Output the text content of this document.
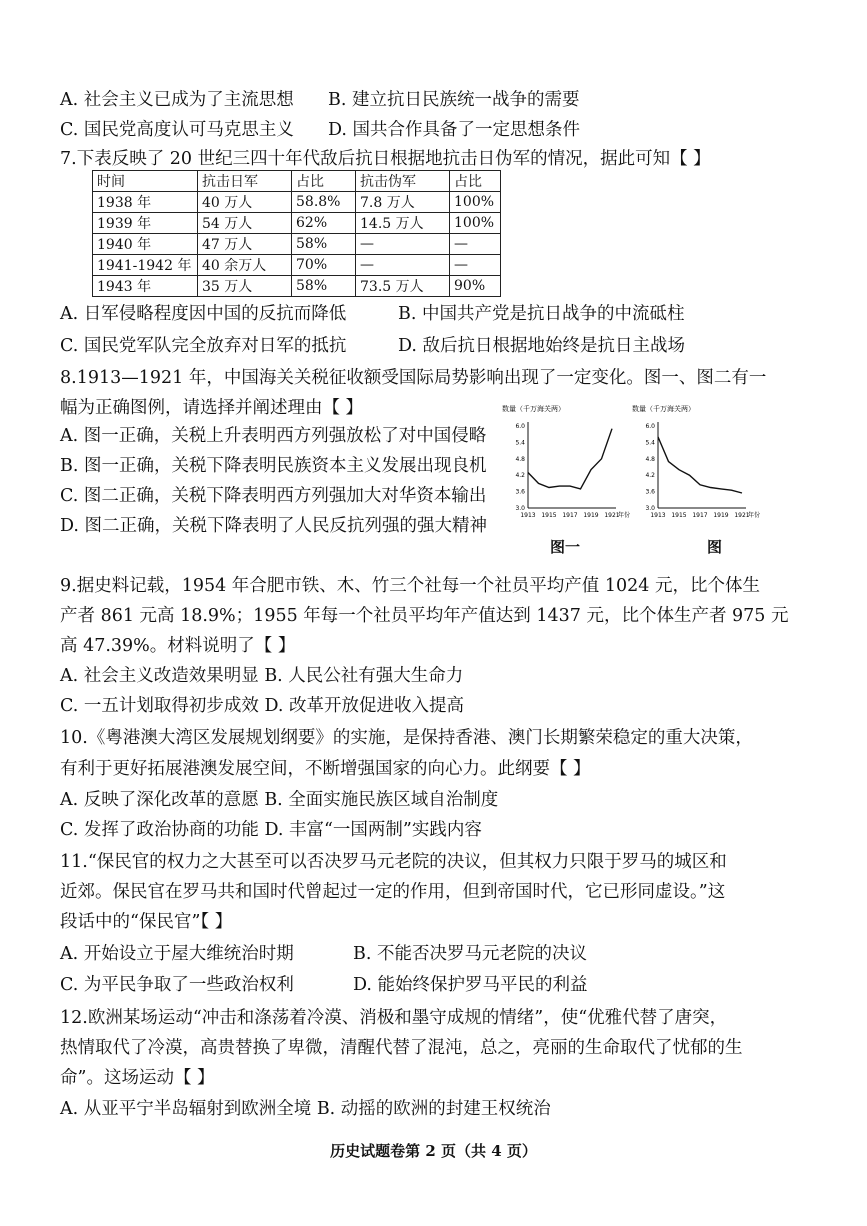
A. 社会主义已成为了主流思想 B. 建立抗日民族统一战争的需要
C. 国民党高度认可马克思主义 D. 国共合作具备了一定思想条件
7.下表反映了 20 世纪三四十年代敌后抗日根据地抗击日伪军的情况，据此可知【 】
时间	抗击日军	占比	抗击伪军	占比
1938 年	40 万人	58.8%	7.8 万人	100%
1939 年	54 万人	62%	14.5 万人	100%
1940 年	47 万人	58%	—	—
1941-1942 年	40 余万人	70%	—	—
1943 年	35 万人	58%	73.5 万人	90%
A. 日军侵略程度因中国的反抗而降低	B. 中国共产党是抗日战争的中流砥柱
C. 国民党军队完全放弃对日军的抵抗	D. 敌后抗日根据地始终是抗日主战场
8.1913—1921 年，中国海关关税征收额受国际局势影响出现了一定变化。图一、图二有一
幅为正确图例，请选择并阐述理由【 】
A. 图一正确，关税上升表明西方列强放松了对中国侵略
B. 图一正确，关税下降表明民族资本主义发展出现良机
C. 图二正确，关税下降表明西方列强加大对华资本输出
D. 图二正确，关税下降表明了人民反抗列强的强大精神
数量（千万海关两）
6.0
5.4
4.8
4.2
3.6
3.0
1913 1915 1917 1919 1921
年份
数量（千万海关两）
6.0
5.4
4.8
4.2
3.6
3.0
1913 1915 1917 1919 1921
年份
图一	图
9.据史料记载，1954 年合肥市铁、木、竹三个社每一个社员平均产值 1024 元，比个体生
产者 861 元高 18.9%；1955 年每一个社员平均年产值达到 1437 元，比个体生产者 975 元
高 47.39%。材料说明了【 】
A. 社会主义改造效果明显 B. 人民公社有强大生命力
C. 一五计划取得初步成效 D. 改革开放促进收入提高
10.《粤港澳大湾区发展规划纲要》的实施，是保持香港、澳门长期繁荣稳定的重大决策，
有利于更好拓展港澳发展空间，不断增强国家的向心力。此纲要【 】
A. 反映了深化改革的意愿 B. 全面实施民族区域自治制度
C. 发挥了政治协商的功能 D. 丰富“一国两制”实践内容
11.“保民官的权力之大甚至可以否决罗马元老院的决议，但其权力只限于罗马的城区和
近郊。保民官在罗马共和国时代曾起过一定的作用，但到帝国时代，它已形同虚设。”这
段话中的“保民官”【 】
A. 开始设立于屋大维统治时期	B. 不能否决罗马元老院的决议
C. 为平民争取了一些政治权利	D. 能始终保护罗马平民的利益
12.欧洲某场运动“冲击和涤荡着冷漠、消极和墨守成规的情绪”，使“优雅代替了唐突，
热情取代了冷漠，高贵替换了卑微，清醒代替了混沌，总之，亮丽的生命取代了忧郁的生
命”。这场运动【 】
A. 从亚平宁半岛辐射到欧洲全境 B. 动摇的欧洲的封建王权统治
历史试题卷第 2 页（共 4 页）
